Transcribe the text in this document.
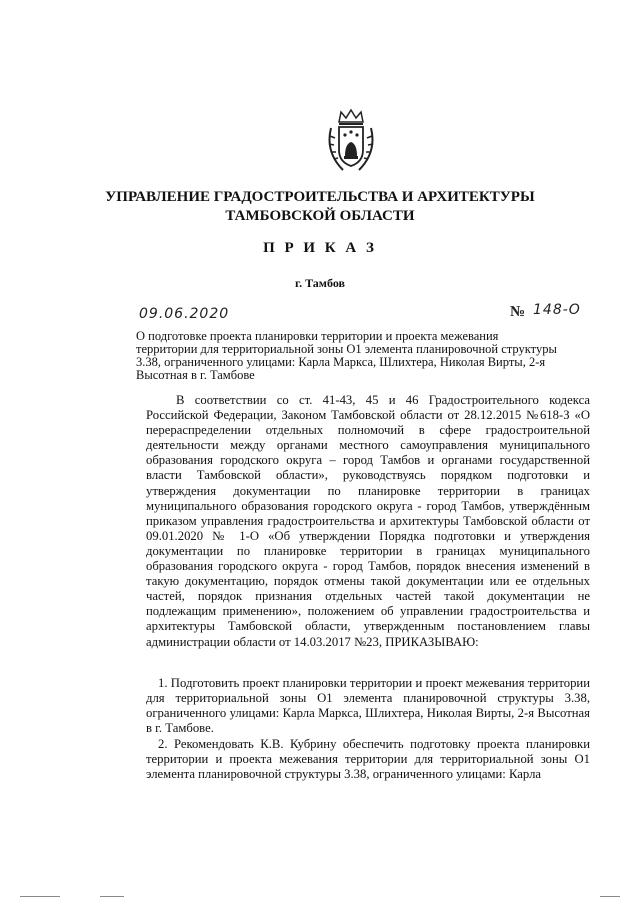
УПРАВЛЕНИЕ ГРАДОСТРОИТЕЛЬСТВА И АРХИТЕКТУРЫ
ТАМБОВСКОЙ ОБЛАСТИ
П Р И К А З
г. Тамбов
09.06.2020	№ 148-О
О подготовке проекта планировки территории и проекта межевания
территории для территориальной зоны О1 элемента планировочной структуры
3.38, ограниченного улицами: Карла Маркса, Шлихтера, Николая Вирты, 2-я
Высотная в г. Тамбове
В соответствии со ст. 41-43, 45 и 46 Градостроительного кодекса Российской Федерации, Законом Тамбовской области от 28.12.2015 №618-З «О перераспределении отдельных полномочий в сфере градостроительной деятельности между органами местного самоуправления муниципального образования городского округа – город Тамбов и органами государственной власти Тамбовской области», руководствуясь порядком подготовки и утверждения документации по планировке территории в границах муниципального образования городского округа - город Тамбов, утверждённым приказом управления градостроительства и архитектуры Тамбовской области от 09.01.2020 № 1-О «Об утверждении Порядка подготовки и утверждения документации по планировке территории в границах муниципального образования городского округа - город Тамбов, порядок внесения изменений в такую документацию, порядок отмены такой документации или ее отдельных частей, порядок признания отдельных частей такой документации не подлежащим применению», положением об управлении градостроительства и архитектуры Тамбовской области, утвержденным постановлением главы администрации области от 14.03.2017 №23, ПРИКАЗЫВАЮ:
1. Подготовить проект планировки территории и проект межевания территории для территориальной зоны О1 элемента планировочной структуры 3.38, ограниченного улицами: Карла Маркса, Шлихтера, Николая Вирты, 2-я Высотная в г. Тамбове.
2. Рекомендовать К.В. Кубрину обеспечить подготовку проекта планировки территории и проекта межевания территории для территориальной зоны О1 элемента планировочной структуры 3.38, ограниченного улицами: Карла
